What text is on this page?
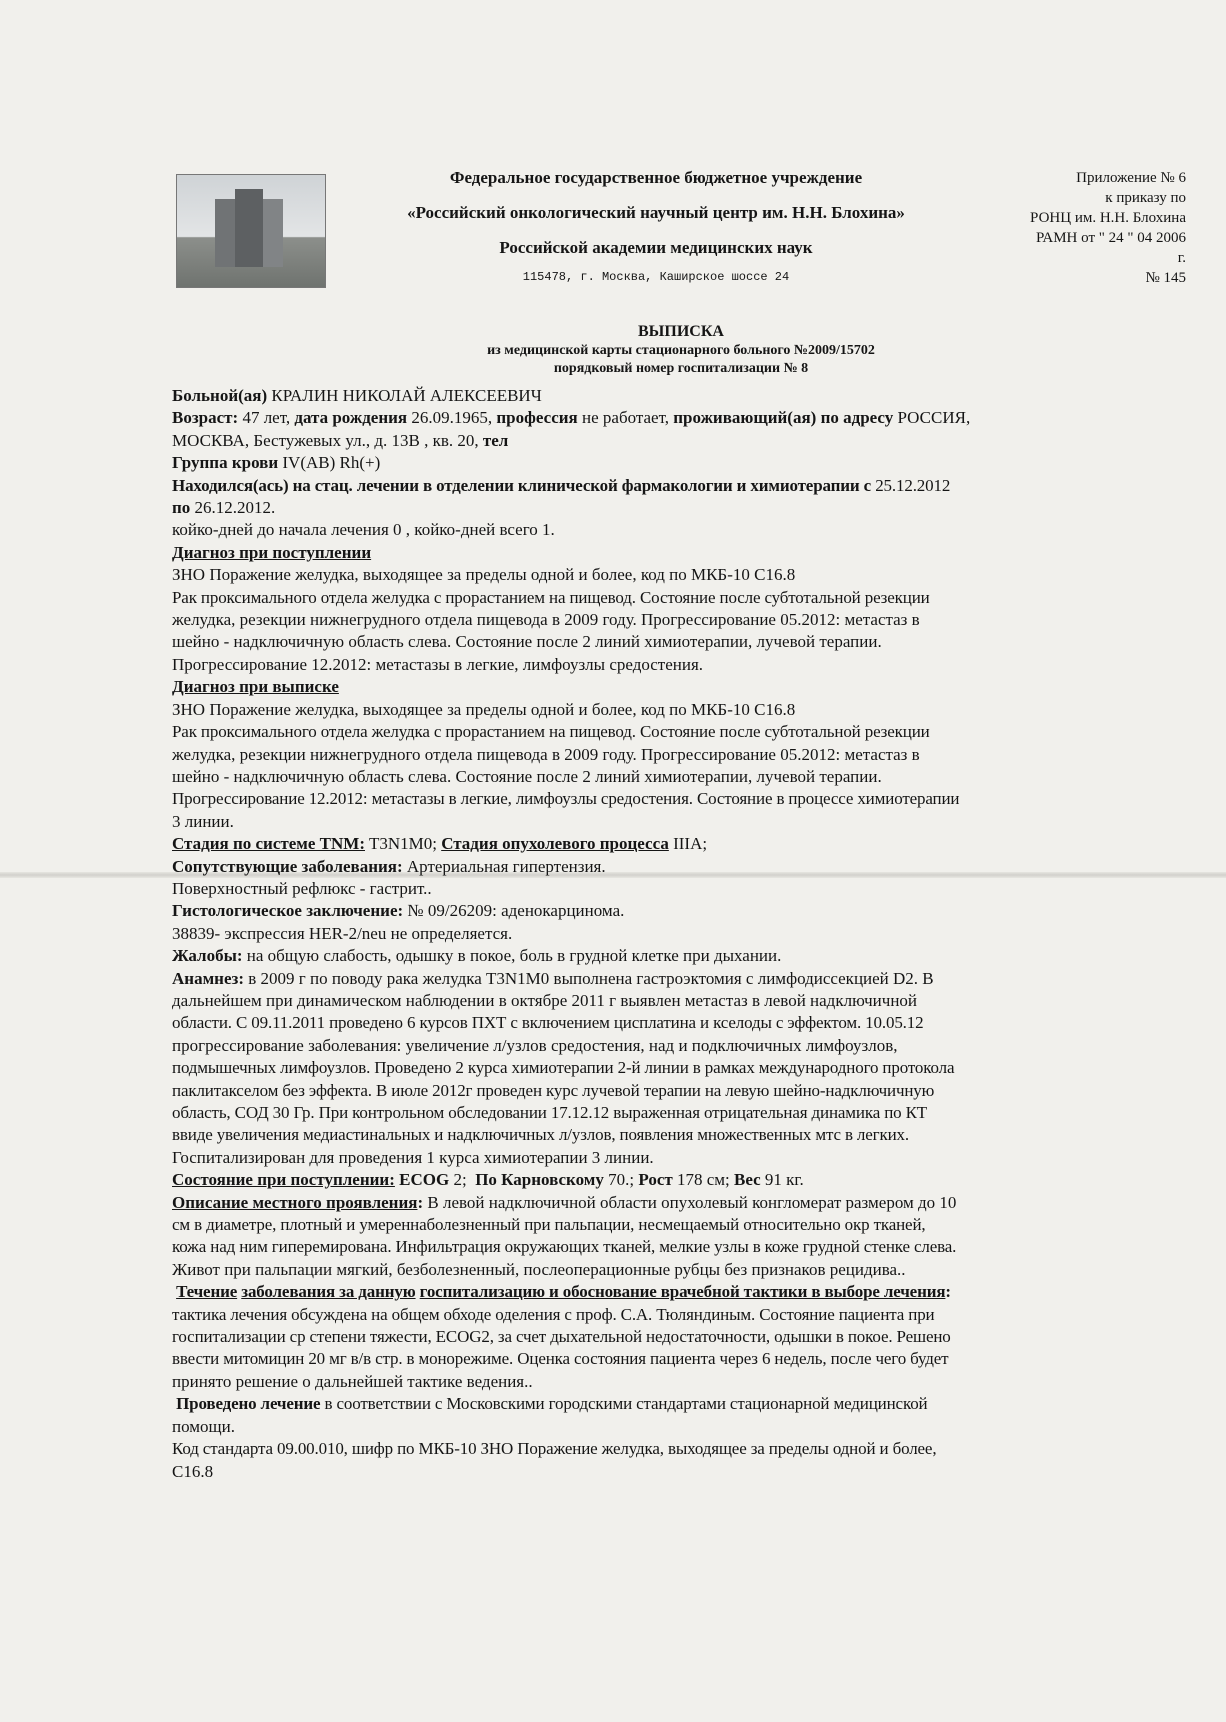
Федеральное государственное бюджетное учреждение
«Российский онкологический научный центр им. Н.Н. Блохина»
Российской академии медицинских наук
115478, г. Москва, Каширское шоссе 24
Приложение № 6
к приказу по
РОНЦ им. Н.Н. Блохина
РАМН от " 24 " 04 2006
г.
№ 145
ВЫПИСКА
из медицинской карты стационарного больного №2009/15702
порядковый номер госпитализации № 8

Больной(ая) КРАЛИН НИКОЛАЙ АЛЕКСЕЕВИЧ

Возраст: 47 лет, дата рождения 26.09.1965, профессия не работает, проживающий(ая) по адресу РОССИЯ,

МОСКВА, Бестужевых ул., д. 13В , кв. 20, тел

Группа крови IV(AB) Rh(+)

Находился(ась) на стац. лечении в отделении клинической фармакологии и химиотерапии с 25.12.2012

по 26.12.2012.

койко-дней до начала лечения 0 , койко-дней всего 1.

Диагноз при поступлении

ЗНО Поражение желудка, выходящее за пределы одной и более, код по МКБ-10 C16.8

Рак проксимального отдела желудка с прорастанием на пищевод. Состояние после субтотальной резекции

желудка, резекции нижнегрудного отдела пищевода в 2009 году. Прогрессирование 05.2012: метастаз в

шейно - надключичную область слева. Состояние после 2 линий химиотерапии, лучевой терапии.

Прогрессирование 12.2012: метастазы в легкие, лимфоузлы средостения.

Диагноз при выписке

ЗНО Поражение желудка, выходящее за пределы одной и более, код по МКБ-10 C16.8

Рак проксимального отдела желудка с прорастанием на пищевод. Состояние после субтотальной резекции

желудка, резекции нижнегрудного отдела пищевода в 2009 году. Прогрессирование 05.2012: метастаз в

шейно - надключичную область слева. Состояние после 2 линий химиотерапии, лучевой терапии.

Прогрессирование 12.2012: метастазы в легкие, лимфоузлы средостения. Состояние в процессе химиотерапии

3 линии.

Стадия по системе TNM: T3N1M0; Стадия опухолевого процесса IIIA;

Сопутствующие заболевания: Артериальная гипертензия.

Поверхностный рефлюкс - гастрит..

Гистологическое заключение: № 09/26209: аденокарцинома.

38839- экспрессия HER-2/neu не определяется.

Жалобы: на общую слабость, одышку в покое, боль в грудной клетке при дыхании.

Анамнез: в 2009 г по поводу рака желудка T3N1M0 выполнена гастроэктомия с лимфодиссекцией D2. В

дальнейшем при динамическом наблюдении в октябре 2011 г выявлен метастаз в левой надключичной

области. С 09.11.2011 проведено 6 курсов ПХТ с включением цисплатина и кселоды с эффектом. 10.05.12

прогрессирование заболевания: увеличение л/узлов средостения, над и подключичных лимфоузлов,

подмышечных лимфоузлов. Проведено 2 курса химиотерапии 2-й линии в рамках международного протокола

паклитакселом без эффекта. В июле 2012г проведен курс лучевой терапии на левую шейно-надключичную

область, СОД 30 Гр. При контрольном обследовании 17.12.12 выраженная отрицательная динамика по КТ

ввиде увеличения медиастинальных и надключичных л/узлов, появления множественных мтс в легких.

Госпитализирован для проведения 1 курса химиотерапии 3 линии.

Состояние при поступлении: ECOG 2; По Карновскому 70.; Рост 178 см; Вес 91 кг.

Описание местного проявления: В левой надключичной области опухолевый конгломерат размером до 10

см в диаметре, плотный и умереннаболезненный при пальпации, несмещаемый относительно окр тканей,

кожа над ним гиперемирована. Инфильтрация окружающих тканей, мелкие узлы в коже грудной стенке слева.

Живот при пальпации мягкий, безболезненный, послеоперационные рубцы без признаков рецидива..

Течение заболевания за данную госпитализацию и обоснование врачебной тактики в выборе лечения:

тактика лечения обсуждена на общем обходе оделения с проф. С.А. Тюляндиным. Состояние пациента при

госпитализации ср степени тяжести, ECOG2, за счет дыхательной недостаточности, одышки в покое. Решено

ввести митомицин 20 мг в/в стр. в монорежиме. Оценка состояния пациента через 6 недель, после чего будет

принято решение о дальнейшей тактике ведения..

Проведено лечение в соответствии с Московскими городскими стандартами стационарной медицинской

помощи.

Код стандарта 09.00.010, шифр по МКБ-10 ЗНО Поражение желудка, выходящее за пределы одной и более,

C16.8
